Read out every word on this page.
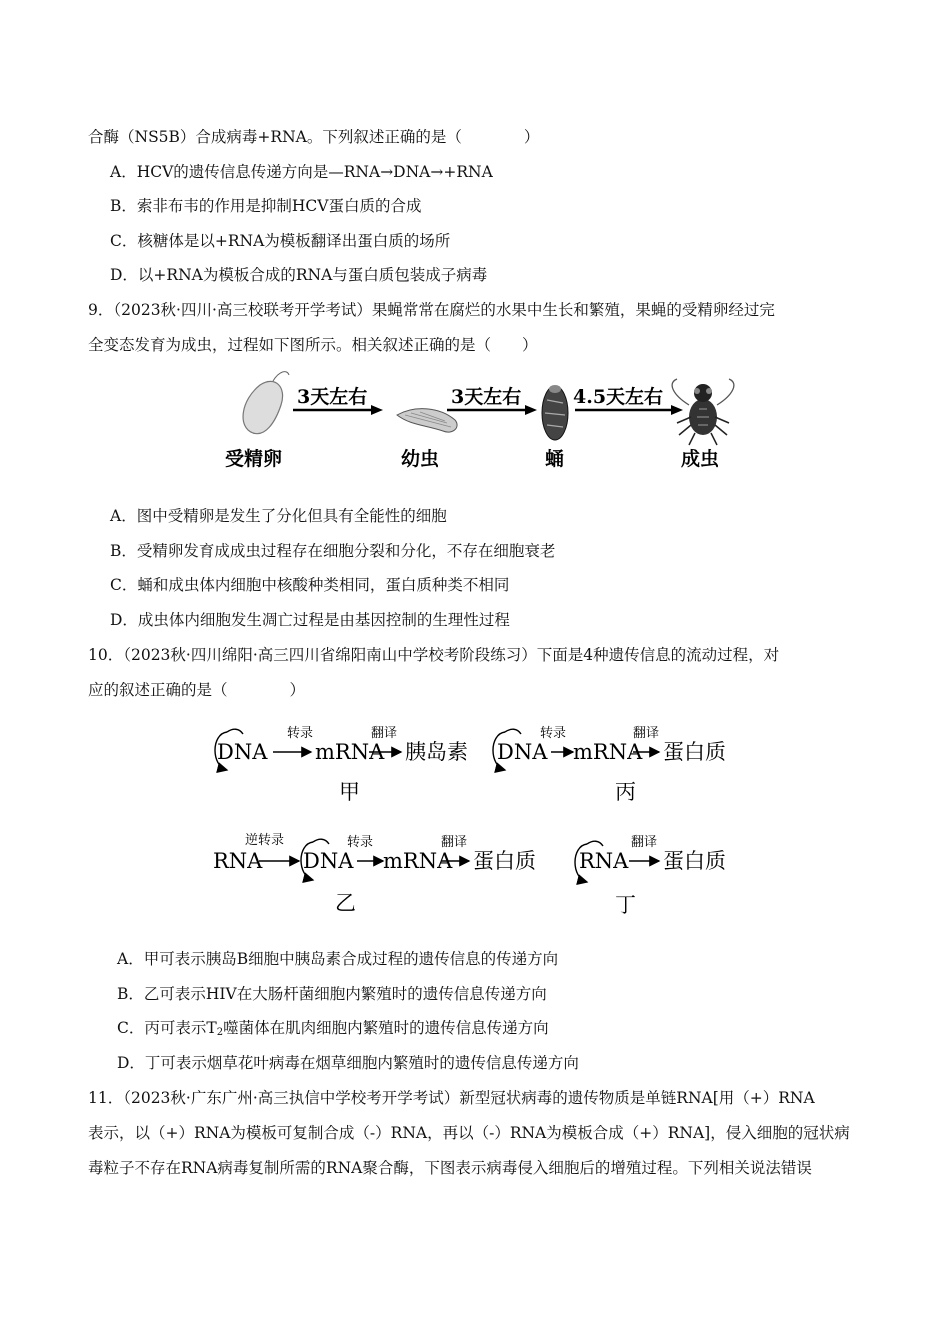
合酶（NS5B）合成病毒+RNA。下列叙述正确的是（　　　　）
A．HCV的遗传信息传递方向是—RNA→DNA→+RNA
B．索非布韦的作用是抑制HCV蛋白质的合成
C．核糖体是以+RNA为模板翻译出蛋白质的场所
D．以+RNA为模板合成的RNA与蛋白质包装成子病毒
9．（2023秋·四川·高三校联考开学考试）果蝇常常在腐烂的水果中生长和繁殖，果蝇的受精卵经过完
全变态发育为成虫，过程如下图所示。相关叙述正确的是（　　）
3天左右	3天左右	4.5天左右
受精卵	幼虫	蛹	成虫
A．图中受精卵是发生了分化但具有全能性的细胞
B．受精卵发育成成虫过程存在细胞分裂和分化，不存在细胞衰老
C．蛹和成虫体内细胞中核酸种类相同，蛋白质种类不相同
D．成虫体内细胞发生凋亡过程是由基因控制的生理性过程
10．（2023秋·四川绵阳·高三四川省绵阳南山中学校考阶段练习）下面是4种遗传信息的流动过程，对
应的叙述正确的是（　　　　）
DNA
转录
mRNA
翻译
胰岛素
甲
DNA
转录
mRNA
翻译
蛋白质
丙
RNA
逆转录
DNA
转录
mRNA
翻译
蛋白质
乙
RNA
翻译
蛋白质
丁
A．甲可表示胰岛B细胞中胰岛素合成过程的遗传信息的传递方向
B．乙可表示HIV在大肠杆菌细胞内繁殖时的遗传信息传递方向
C．丙可表示$T_2$噬菌体在肌肉细胞内繁殖时的遗传信息传递方向
D．丁可表示烟草花叶病毒在烟草细胞内繁殖时的遗传信息传递方向
11．（2023秋·广东广州·高三执信中学校考开学考试）新型冠状病毒的遗传物质是单链RNA[用（+）RNA
表示，以（+）RNA为模板可复制合成（-）RNA，再以（-）RNA为模板合成（+）RNA]，侵入细胞的冠状病
毒粒子不存在RNA病毒复制所需的RNA聚合酶，下图表示病毒侵入细胞后的增殖过程。下列相关说法错误
